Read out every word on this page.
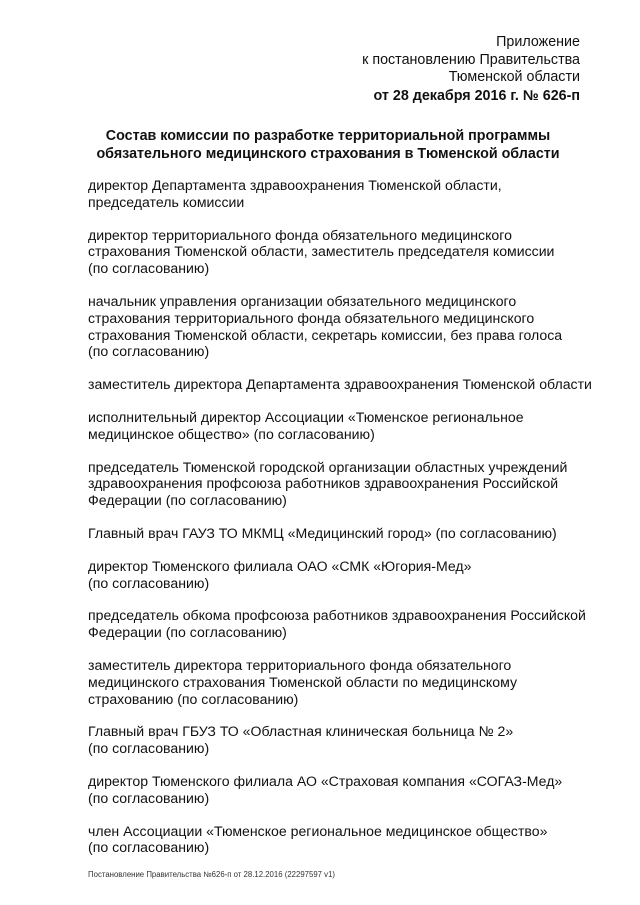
Приложение
к постановлению Правительства
Тюменской области
от 28 декабря 2016 г. № 626-п
Состав комиссии по разработке территориальной программы
обязательного медицинского страхования в Тюменской области
директор Департамента здравоохранения Тюменской области,
председатель комиссии
директор территориального фонда обязательного медицинского
страхования Тюменской области, заместитель председателя комиссии
(по согласованию)
начальник управления организации обязательного медицинского
страхования территориального фонда обязательного медицинского
страхования Тюменской области, секретарь комиссии, без права голоса
(по согласованию)
заместитель директора Департамента здравоохранения Тюменской области
исполнительный директор Ассоциации «Тюменское региональное
медицинское общество» (по согласованию)
председатель Тюменской городской организации областных учреждений
здравоохранения профсоюза работников здравоохранения Российской
Федерации (по согласованию)
Главный врач ГАУЗ ТО МКМЦ «Медицинский город» (по согласованию)
директор Тюменского филиала ОАО «СМК «Югория-Мед»
(по согласованию)
председатель обкома профсоюза работников здравоохранения Российской
Федерации (по согласованию)
заместитель директора территориального фонда обязательного
медицинского страхования Тюменской области по медицинскому
страхованию (по согласованию)
Главный врач ГБУЗ ТО «Областная клиническая больница № 2»
(по согласованию)
директор Тюменского филиала АО «Страховая компания «СОГАЗ-Мед»
(по согласованию)
член Ассоциации «Тюменское региональное медицинское общество»
(по согласованию)
Постановление Правительства №626-п от 28.12.2016 (22297597 v1)
